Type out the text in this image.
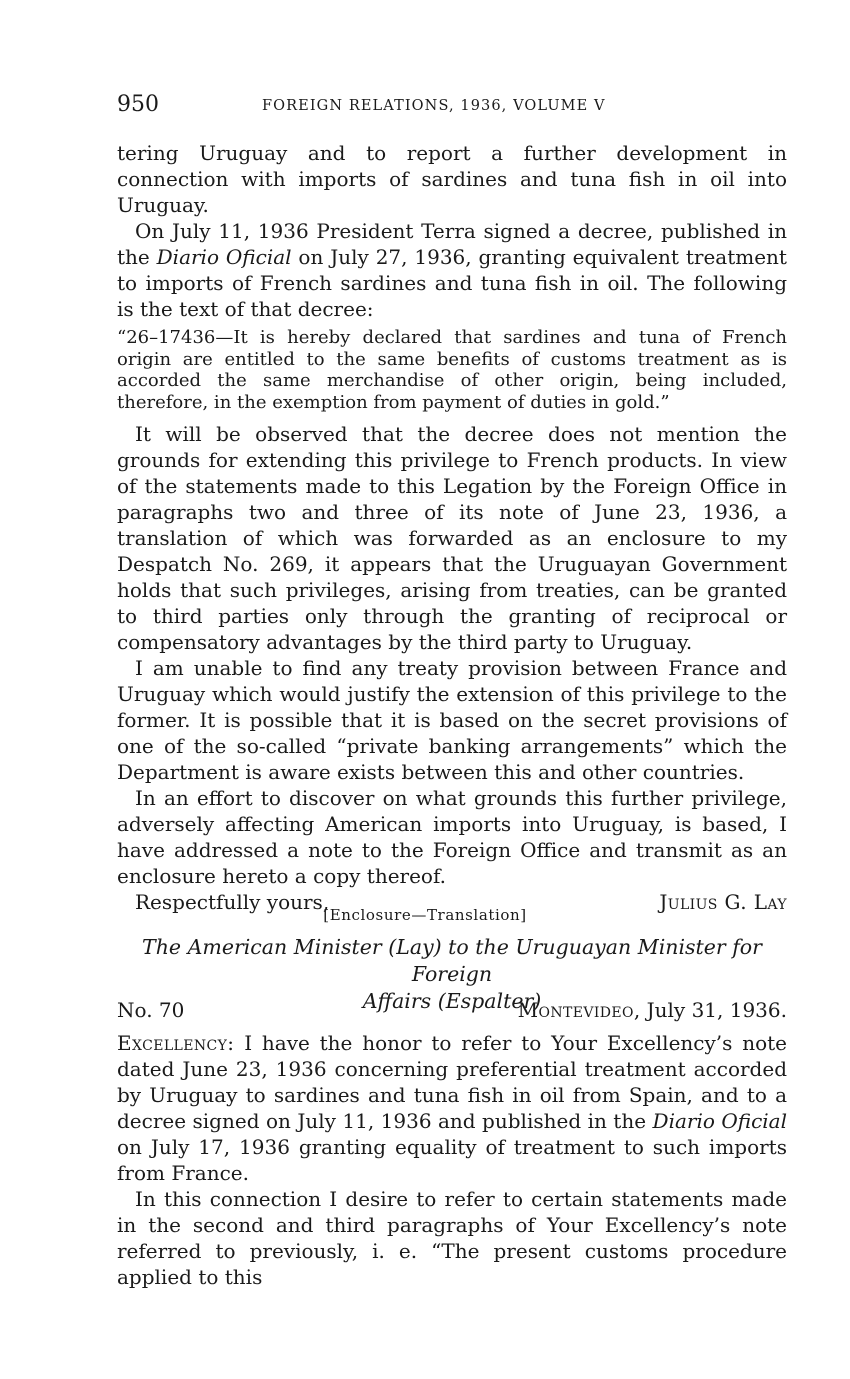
950	FOREIGN RELATIONS, 1936, VOLUME V

tering Uruguay and to report a further development in connection with imports of sardines and tuna fish in oil into Uruguay.

On July 11, 1936 President Terra signed a decree, published in the Diario Oficial on July 27, 1936, granting equivalent treatment to imports of French sardines and tuna fish in oil. The following is the text of that decree:

“26–17436—It is hereby declared that sardines and tuna of French origin are entitled to the same benefits of customs treatment as is accorded the same merchandise of other origin, being included, therefore, in the exemption from payment of duties in gold.”

It will be observed that the decree does not mention the grounds for extending this privilege to French products. In view of the statements made to this Legation by the Foreign Office in paragraphs two and three of its note of June 23, 1936, a translation of which was forwarded as an enclosure to my Despatch No. 269, it appears that the Uruguayan Government holds that such privileges, arising from treaties, can be granted to third parties only through the granting of reciprocal or compensatory advantages by the third party to Uruguay.

I am unable to find any treaty provision between France and Uruguay which would justify the extension of this privilege to the former. It is possible that it is based on the secret provisions of one of the so-called “private banking arrangements” which the Department is aware exists between this and other countries.

In an effort to discover on what grounds this further privilege, adversely affecting American imports into Uruguay, is based, I have addressed a note to the Foreign Office and transmit as an enclosure hereto a copy thereof.

Respectfully yours,	Julius G. Lay
[Enclosure—Translation]
The American Minister (Lay) to the Uruguayan Minister for Foreign
Affairs (Espalter)
No. 70	Montevideo, July 31, 1936.

Excellency: I have the honor to refer to Your Excellency’s note dated June 23, 1936 concerning preferential treatment accorded by Uruguay to sardines and tuna fish in oil from Spain, and to a decree signed on July 11, 1936 and published in the Diario Oficial on July 17, 1936 granting equality of treatment to such imports from France.

In this connection I desire to refer to certain statements made in the second and third paragraphs of Your Excellency’s note referred to previously, i. e. “The present customs procedure applied to this
